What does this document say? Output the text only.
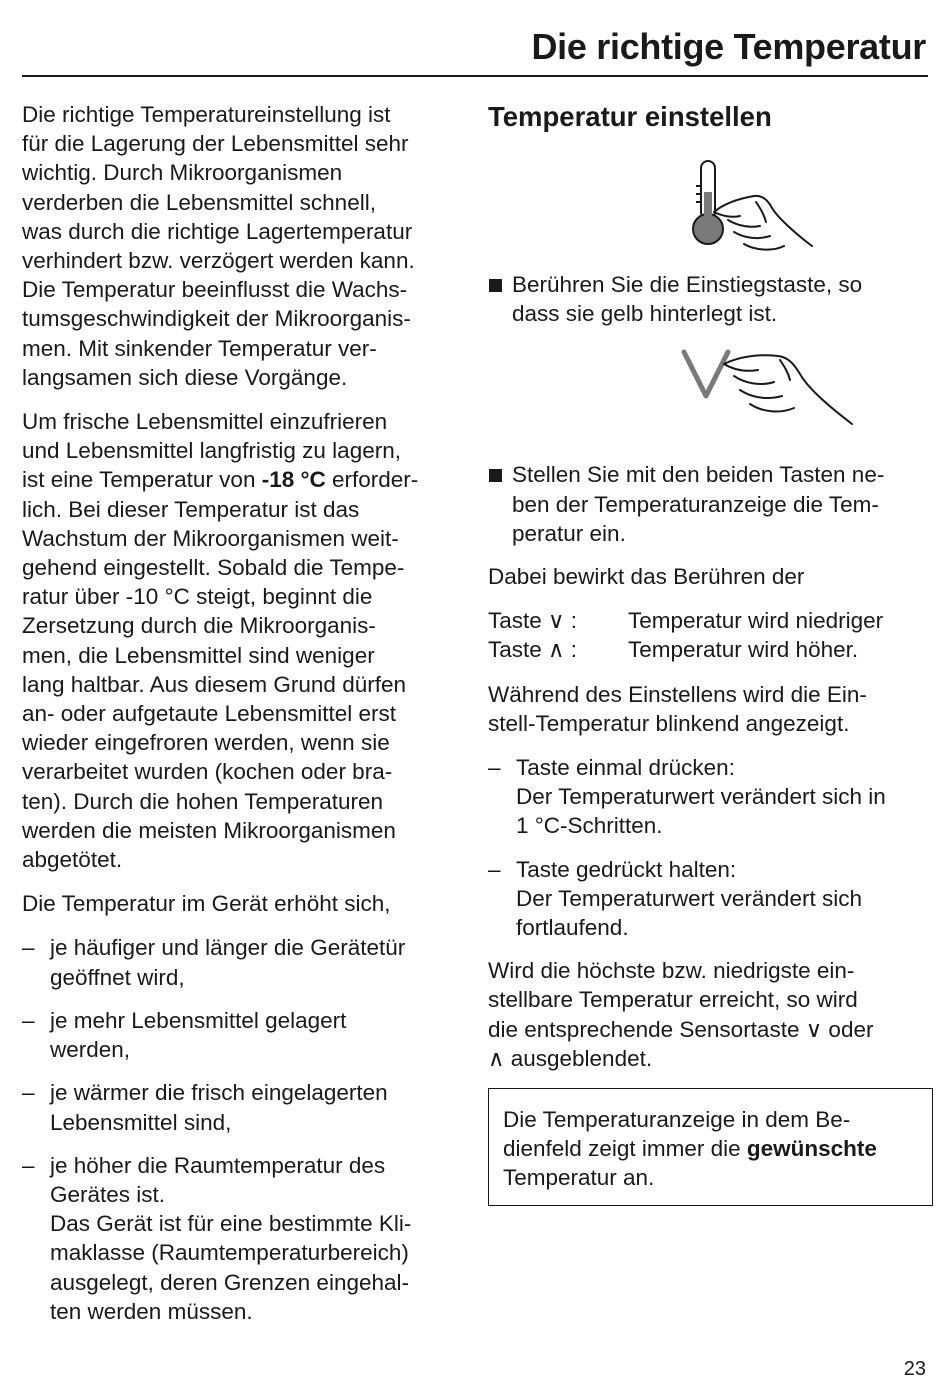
Die richtige Temperatur

Die richtige Temperatureinstellung ist
für die Lagerung der Lebensmittel sehr
wichtig. Durch Mikroorganismen
verderben die Lebensmittel schnell,
was durch die richtige Lagertemperatur
verhindert bzw. verzögert werden kann.
Die Temperatur beeinflusst die Wachs-
tumsgeschwindigkeit der Mikroorganis-
men. Mit sinkender Temperatur ver-
langsamen sich diese Vorgänge.

Um frische Lebensmittel einzufrieren
und Lebensmittel langfristig zu lagern,
ist eine Temperatur von -18 °C erforder-
lich. Bei dieser Temperatur ist das
Wachstum der Mikroorganismen weit-
gehend eingestellt. Sobald die Tempe-
ratur über -10 °C steigt, beginnt die
Zersetzung durch die Mikroorganis-
men, die Lebensmittel sind weniger
lang haltbar. Aus diesem Grund dürfen
an- oder aufgetaute Lebensmittel erst
wieder eingefroren werden, wenn sie
verarbeitet wurden (kochen oder bra-
ten). Durch die hohen Temperaturen
werden die meisten Mikroorganismen
abgetötet.

Die Temperatur im Gerät erhöht sich,

– je häufiger und länger die Gerätetür
geöffnet wird,
– je mehr Lebensmittel gelagert
werden,
– je wärmer die frisch eingelagerten
Lebensmittel sind,
– je höher die Raumtemperatur des
Gerätes ist.
Das Gerät ist für eine bestimmte Kli-
maklasse (Raumtemperaturbereich)
ausgelegt, deren Grenzen eingehal-
ten werden müssen.
Temperatur einstellen
Berühren Sie die Einstiegstaste, so
dass sie gelb hinterlegt ist.
Stellen Sie mit den beiden Tasten ne-
ben der Temperaturanzeige die Tem-
peratur ein.

Dabei bewirkt das Berühren der

Taste ∨ :	Temperatur wird niedriger
Taste ∧ :	Temperatur wird höher.

Während des Einstellens wird die Ein-
stell-Temperatur blinkend angezeigt.

– Taste einmal drücken:
Der Temperaturwert verändert sich in
1 °C-Schritten.
– Taste gedrückt halten:
Der Temperaturwert verändert sich
fortlaufend.

Wird die höchste bzw. niedrigste ein-
stellbare Temperatur erreicht, so wird
die entsprechende Sensortaste ∨ oder
∧ ausgeblendet.

Die Temperaturanzeige in dem Be-
dienfeld zeigt immer die gewünschte
Temperatur an.
23
